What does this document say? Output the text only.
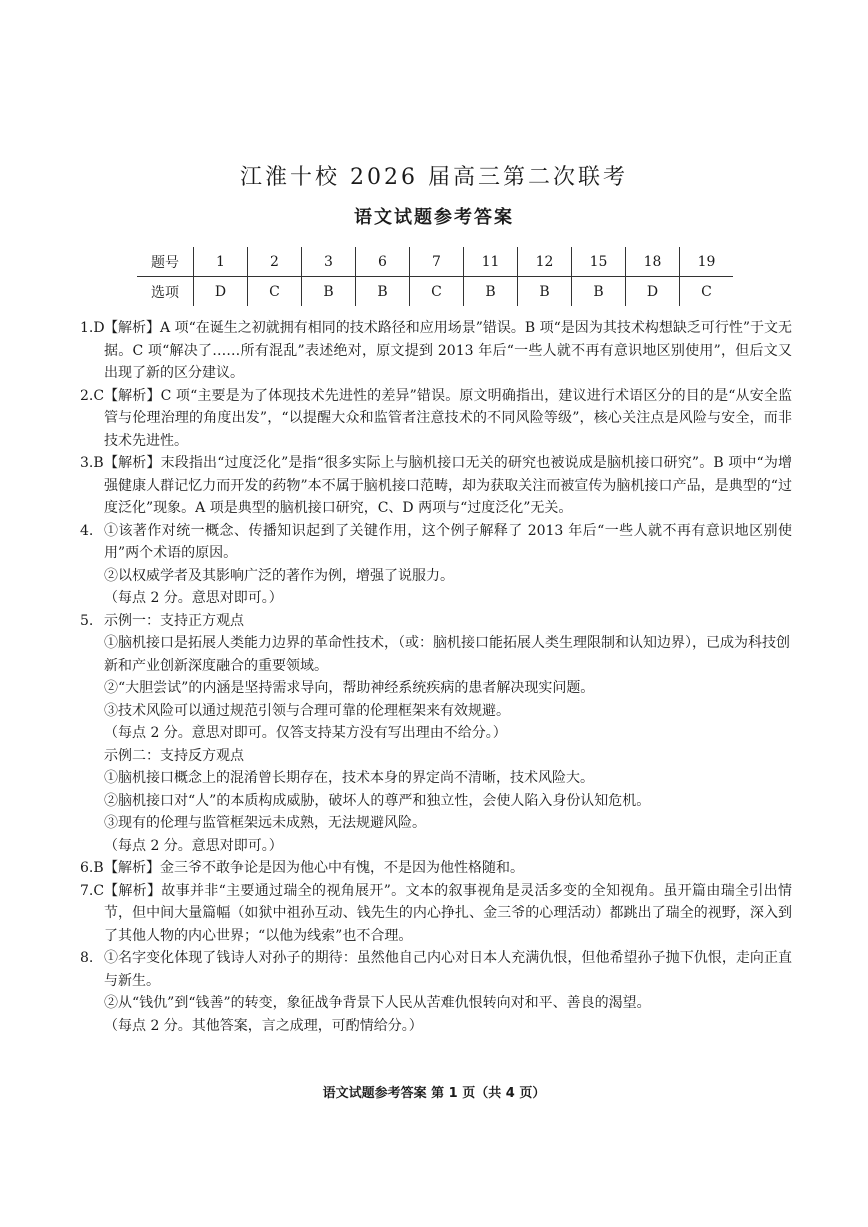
江淮十校 2026 届高三第二次联考
语文试题参考答案
题号	1	2	3	6	7	11	12	15	18	19
选项	D	C	B	B	C	B	B	B	D	C
1.D 【解析】A 项“在诞生之初就拥有相同的技术路径和应用场景”错误。B 项“是因为其技术构想缺乏可行性”于文无据。C 项“解决了……所有混乱”表述绝对，原文提到 2013 年后“一些人就不再有意识地区别使用”，但后文又出现了新的区分建议。
2.C 【解析】C 项“主要是为了体现技术先进性的差异”错误。原文明确指出，建议进行术语区分的目的是“从安全监管与伦理治理的角度出发”，“以提醒大众和监管者注意技术的不同风险等级”，核心关注点是风险与安全，而非技术先进性。
3.B 【解析】末段指出“过度泛化”是指“很多实际上与脑机接口无关的研究也被说成是脑机接口研究”。B 项中“为增强健康人群记忆力而开发的药物”本不属于脑机接口范畴，却为获取关注而被宣传为脑机接口产品，是典型的“过度泛化”现象。A 项是典型的脑机接口研究，C、D 两项与“过度泛化”无关。
4. ①该著作对统一概念、传播知识起到了关键作用，这个例子解释了 2013 年后“一些人就不再有意识地区别使用”两个术语的原因。
②以权威学者及其影响广泛的著作为例，增强了说服力。
（每点 2 分。意思对即可。）
5. 示例一：支持正方观点
①脑机接口是拓展人类能力边界的革命性技术，（或：脑机接口能拓展人类生理限制和认知边界），已成为科技创新和产业创新深度融合的重要领域。
②“大胆尝试”的内涵是坚持需求导向，帮助神经系统疾病的患者解决现实问题。
③技术风险可以通过规范引领与合理可靠的伦理框架来有效规避。
（每点 2 分。意思对即可。仅答支持某方没有写出理由不给分。）
示例二：支持反方观点
①脑机接口概念上的混淆曾长期存在，技术本身的界定尚不清晰，技术风险大。
②脑机接口对“人”的本质构成威胁，破坏人的尊严和独立性，会使人陷入身份认知危机。
③现有的伦理与监管框架远未成熟，无法规避风险。
（每点 2 分。意思对即可。）
6.B 【解析】金三爷不敢争论是因为他心中有愧，不是因为他性格随和。
7.C 【解析】故事并非“主要通过瑞全的视角展开”。文本的叙事视角是灵活多变的全知视角。虽开篇由瑞全引出情节，但中间大量篇幅（如狱中祖孙互动、钱先生的内心挣扎、金三爷的心理活动）都跳出了瑞全的视野，深入到了其他人物的内心世界；“以他为线索”也不合理。
8. ①名字变化体现了钱诗人对孙子的期待：虽然他自己内心对日本人充满仇恨，但他希望孙子抛下仇恨，走向正直与新生。
②从“钱仇”到“钱善”的转变，象征战争背景下人民从苦难仇恨转向对和平、善良的渴望。
（每点 2 分。其他答案，言之成理，可酌情给分。）
语文试题参考答案 第 1 页（共 4 页）
